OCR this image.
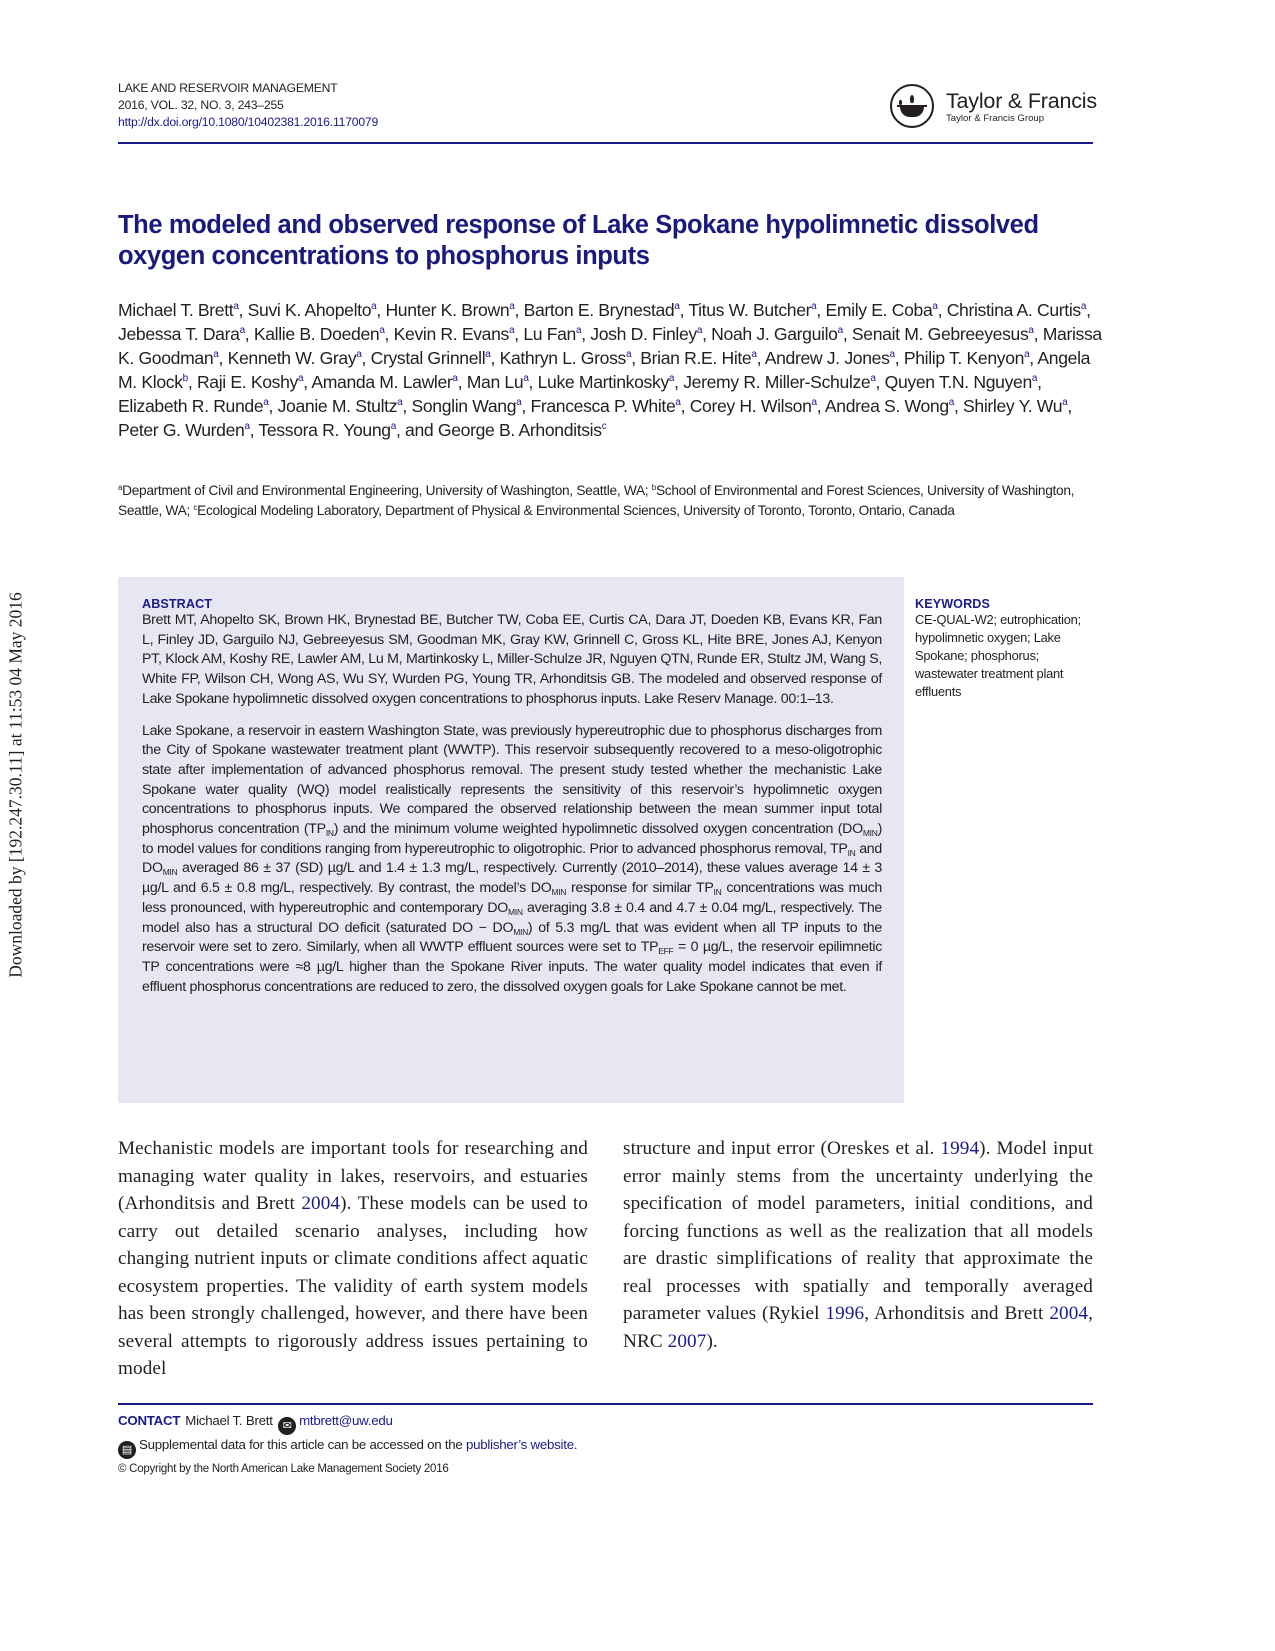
Downloaded by [192.247.30.11] at 11:53 04 May 2016
LAKE AND RESERVOIR MANAGEMENT
2016, VOL. 32, NO. 3, 243–255
http://dx.doi.org/10.1080/10402381.2016.1170079
Taylor & Francis
Taylor & Francis Group
The modeled and observed response of Lake Spokane hypolimnetic dissolved oxygen concentrations to phosphorus inputs
Michael T. Brett$^a$, Suvi K. Ahopelto$^a$, Hunter K. Brown$^a$, Barton E. Brynestad$^a$, Titus W. Butcher$^a$, Emily E. Coba$^a$, Christina A. Curtis$^a$, Jebessa T. Dara$^a$, Kallie B. Doeden$^a$, Kevin R. Evans$^a$, Lu Fan$^a$, Josh D. Finley$^a$, Noah J. Garguilo$^a$, Senait M. Gebreeyesus$^a$, Marissa K. Goodman$^a$, Kenneth W. Gray$^a$, Crystal Grinnell$^a$, Kathryn L. Gross$^a$, Brian R.E. Hite$^a$, Andrew J. Jones$^a$, Philip T. Kenyon$^a$, Angela M. Klock$^b$, Raji E. Koshy$^a$, Amanda M. Lawler$^a$, Man Lu$^a$, Luke Martinkosky$^a$, Jeremy R. Miller-Schulze$^a$, Quyen T.N. Nguyen$^a$, Elizabeth R. Runde$^a$, Joanie M. Stultz$^a$, Songlin Wang$^a$, Francesca P. White$^a$, Corey H. Wilson$^a$, Andrea S. Wong$^a$, Shirley Y. Wu$^a$, Peter G. Wurden$^a$, Tessora R. Young$^a$, and George B. Arhonditsis$^c$
$^a$Department of Civil and Environmental Engineering, University of Washington, Seattle, WA; $^b$School of Environmental and Forest Sciences, University of Washington, Seattle, WA; $^c$Ecological Modeling Laboratory, Department of Physical & Environmental Sciences, University of Toronto, Toronto, Ontario, Canada
ABSTRACT
Brett MT, Ahopelto SK, Brown HK, Brynestad BE, Butcher TW, Coba EE, Curtis CA, Dara JT, Doeden KB, Evans KR, Fan L, Finley JD, Garguilo NJ, Gebreeyesus SM, Goodman MK, Gray KW, Grinnell C, Gross KL, Hite BRE, Jones AJ, Kenyon PT, Klock AM, Koshy RE, Lawler AM, Lu M, Martinkosky L, Miller-Schulze JR, Nguyen QTN, Runde ER, Stultz JM, Wang S, White FP, Wilson CH, Wong AS, Wu SY, Wurden PG, Young TR, Arhonditsis GB. The modeled and observed response of Lake Spokane hypolimnetic dissolved oxygen concentrations to phosphorus inputs. Lake Reserv Manage. 00:1–13.
Lake Spokane, a reservoir in eastern Washington State, was previously hypereutrophic due to phosphorus discharges from the City of Spokane wastewater treatment plant (WWTP). This reservoir subsequently recovered to a meso-oligotrophic state after implementation of advanced phosphorus removal. The present study tested whether the mechanistic Lake Spokane water quality (WQ) model realistically represents the sensitivity of this reservoir’s hypolimnetic oxygen concentrations to phosphorus inputs. We compared the observed relationship between the mean summer input total phosphorus concentration $(TP_{IN})$ and the minimum volume weighted hypolimnetic dissolved oxygen concentration $(DO_{MIN})$ to model values for conditions ranging from hypereutrophic to oligotrophic. Prior to advanced phosphorus removal, $TP_{IN}$ and $DO_{MIN}$ averaged 86 ± 37 (SD) µg/L and 1.4 ± 1.3 mg/L, respectively. Currently (2010–2014), these values average 14 ± 3 µg/L and 6.5 ± 0.8 mg/L, respectively. By contrast, the model’s $DO_{MIN}$ response for similar $TP_{IN}$ concentrations was much less pronounced, with hypereutrophic and contemporary $DO_{MIN}$ averaging 3.8 ± 0.4 and 4.7 ± 0.04 mg/L, respectively. The model also has a structural DO deficit (saturated DO − $DO_{MIN}$) of 5.3 mg/L that was evident when all TP inputs to the reservoir were set to zero. Similarly, when all WWTP effluent sources were set to $TP_{EFF} = 0$ µg/L, the reservoir epilimnetic TP concentrations were ≈8 µg/L higher than the Spokane River inputs. The water quality model indicates that even if effluent phosphorus concentrations are reduced to zero, the dissolved oxygen goals for Lake Spokane cannot be met.
KEYWORDS
CE-QUAL-W2; eutrophication; hypolimnetic oxygen; Lake Spokane; phosphorus; wastewater treatment plant effluents
Mechanistic models are important tools for researching and managing water quality in lakes, reservoirs, and estuaries (Arhonditsis and Brett 2004). These models can be used to carry out detailed scenario analyses, including how changing nutrient inputs or climate conditions affect aquatic ecosystem properties. The validity of earth system models has been strongly challenged, however, and there have been several attempts to rigorously address issues pertaining to model
structure and input error (Oreskes et al. 1994). Model input error mainly stems from the uncertainty underlying the specification of model parameters, initial conditions, and forcing functions as well as the realization that all models are drastic simplifications of reality that approximate the real processes with spatially and temporally averaged parameter values (Rykiel 1996, Arhonditsis and Brett 2004, NRC 2007).
CONTACT Michael T. Brett ✉ mtbrett@uw.edu
▤ Supplemental data for this article can be accessed on the publisher’s website.
© Copyright by the North American Lake Management Society 2016
